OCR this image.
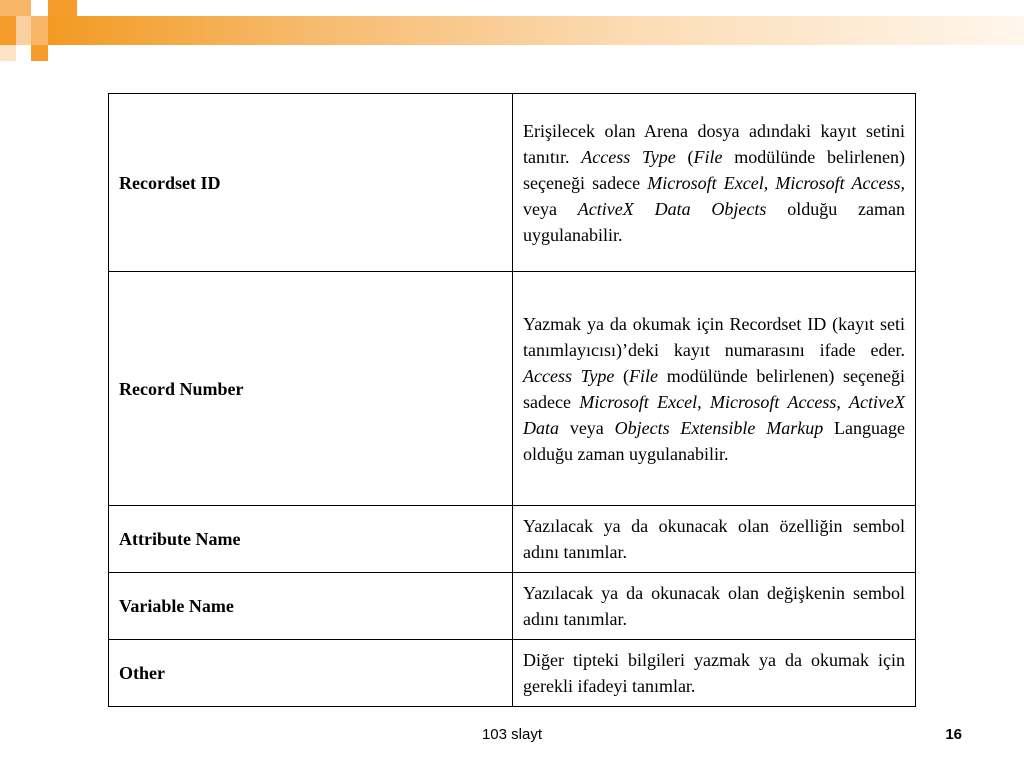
Recordset ID	Erişilecek olan Arena dosya adındaki kayıt setini tanıtır. Access Type (File modülünde belirlenen) seçeneği sadece Microsoft Excel, Microsoft Access, veya ActiveX Data Objects olduğu zaman uygulanabilir.
Record Number	Yazmak ya da okumak için Recordset ID (kayıt seti tanımlayıcısı)’deki kayıt numarasını ifade eder. Access Type (File modülünde belirlenen) seçeneği sadece Microsoft Excel, Microsoft Access, ActiveX Data veya Objects Extensible Markup Language olduğu zaman uygulanabilir.
Attribute Name	Yazılacak ya da okunacak olan özelliğin sembol adını tanımlar.
Variable Name	Yazılacak ya da okunacak olan değişkenin sembol adını tanımlar.
Other	Diğer tipteki bilgileri yazmak ya da okumak için gerekli ifadeyi tanımlar.
103 slayt	16
